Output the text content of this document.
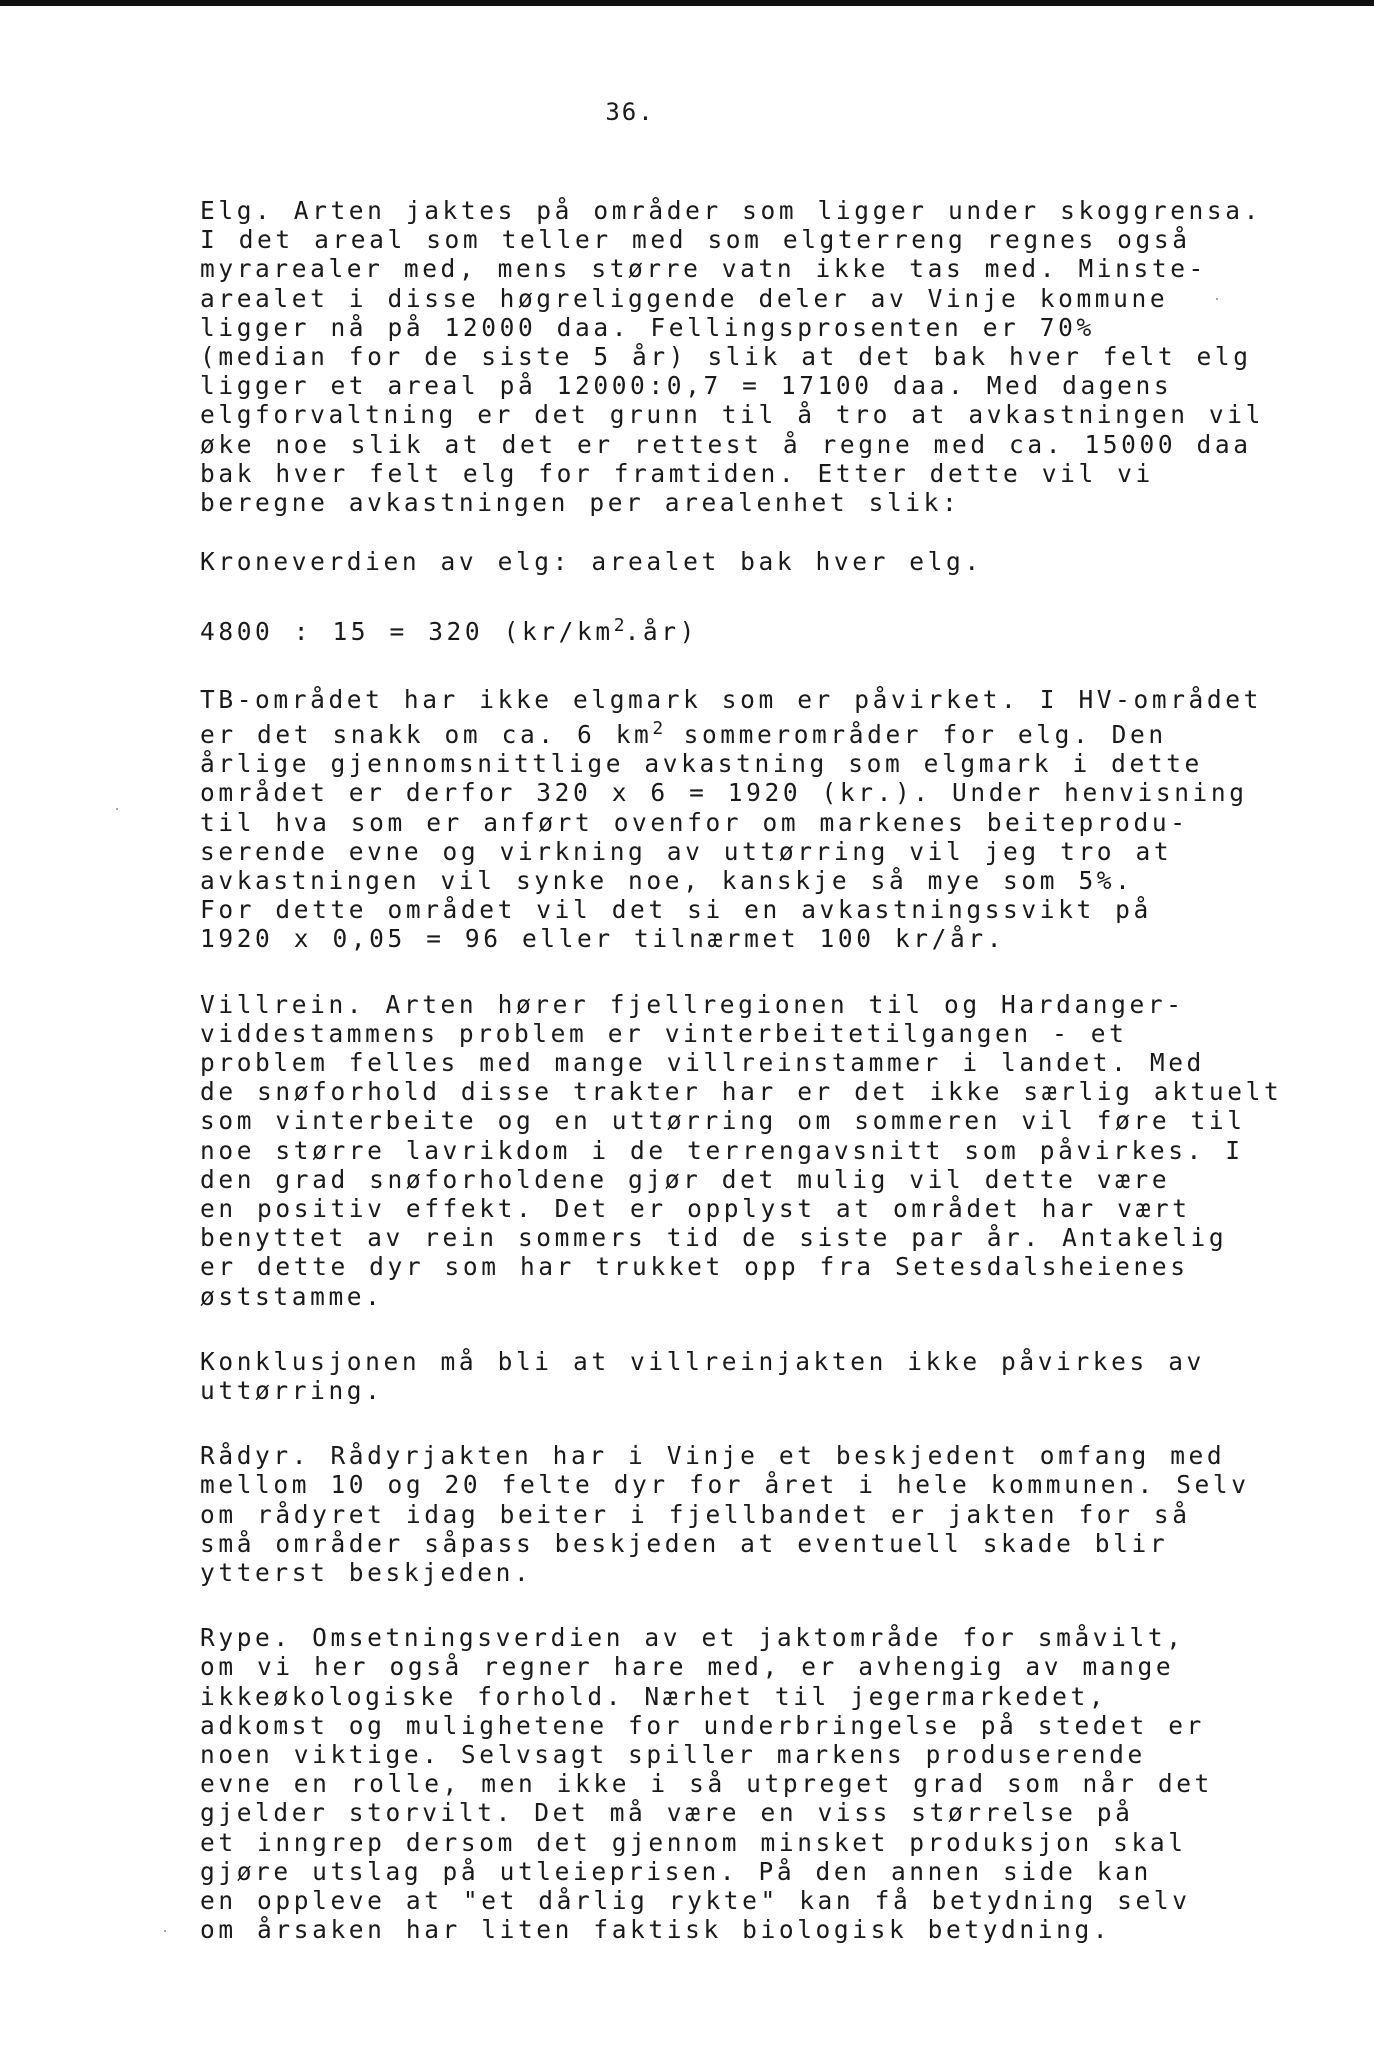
36.

Elg. Arten jaktes på områder som ligger under skoggrensa.
I det areal som teller med som elgterreng regnes også
myrarealer med, mens større vatn ikke tas med. Minste-
arealet i disse høgreliggende deler av Vinje kommune
ligger nå på 12000 daa. Fellingsprosenten er 70%
(median for de siste 5 år) slik at det bak hver felt elg
ligger et areal på 12000:0,7 = 17100 daa. Med dagens
elgforvaltning er det grunn til å tro at avkastningen vil
øke noe slik at det er rettest å regne med ca. 15000 daa
bak hver felt elg for framtiden. Etter dette vil vi
beregne avkastningen per arealenhet slik:

Kroneverdien av elg: arealet bak hver elg.

4800 : 15 = 320 $(kr/km^2.år)$

TB-området har ikke elgmark som er påvirket. I HV-området
er det snakk om ca. 6 $km^2$ sommerområder for elg. Den
årlige gjennomsnittlige avkastning som elgmark i dette
området er derfor 320 x 6 = 1920 (kr.). Under henvisning
til hva som er anført ovenfor om markenes beiteprodu-
serende evne og virkning av uttørring vil jeg tro at
avkastningen vil synke noe, kanskje så mye som 5%.
For dette området vil det si en avkastningssvikt på
1920 x 0,05 = 96 eller tilnærmet 100 kr/år.

Villrein. Arten hører fjellregionen til og Hardanger-
viddestammens problem er vinterbeitetilgangen - et
problem felles med mange villreinstammer i landet. Med
de snøforhold disse trakter har er det ikke særlig aktuelt
som vinterbeite og en uttørring om sommeren vil føre til
noe større lavrikdom i de terrengavsnitt som påvirkes. I
den grad snøforholdene gjør det mulig vil dette være
en positiv effekt. Det er opplyst at området har vært
benyttet av rein sommers tid de siste par år. Antakelig
er dette dyr som har trukket opp fra Setesdalsheienes
øststamme.

Konklusjonen må bli at villreinjakten ikke påvirkes av
uttørring.

Rådyr. Rådyrjakten har i Vinje et beskjedent omfang med
mellom 10 og 20 felte dyr for året i hele kommunen. Selv
om rådyret idag beiter i fjellbandet er jakten for så
små områder såpass beskjeden at eventuell skade blir
ytterst beskjeden.

Rype. Omsetningsverdien av et jaktområde for småvilt,
om vi her også regner hare med, er avhengig av mange
ikkeøkologiske forhold. Nærhet til jegermarkedet,
adkomst og mulighetene for underbringelse på stedet er
noen viktige. Selvsagt spiller markens produserende
evne en rolle, men ikke i så utpreget grad som når det
gjelder storvilt. Det må være en viss størrelse på
et inngrep dersom det gjennom minsket produksjon skal
gjøre utslag på utleieprisen. På den annen side kan
en oppleve at "et dårlig rykte" kan få betydning selv
om årsaken har liten faktisk biologisk betydning.
